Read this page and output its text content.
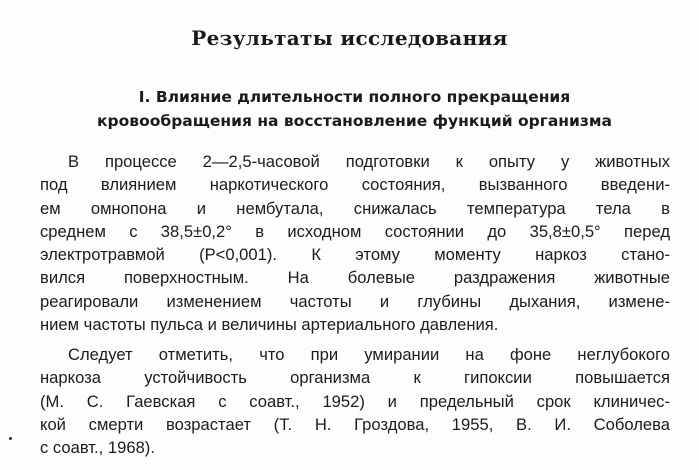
Результаты исследования
I. Влияние длительности полного прекращения
кровообращения на восстановление функций организма
В процессе 2—2,5-часовой подготовки к опыту у животных
под влиянием наркотического состояния, вызванного введени-
ем омнопона и нембутала, снижалась температура тела в
среднем с 38,5±0,2° в исходном состоянии до 35,8±0,5° перед
электротравмой (P<0,001). К этому моменту наркоз стано-
вился поверхностным. На болевые раздражения животные
реагировали изменением частоты и глубины дыхания, измене-
нием частоты пульса и величины артериального давления.
Следует отметить, что при умирании на фоне неглубокого
наркоза устойчивость организма к гипоксии повышается
(М. С. Гаевская с соавт., 1952) и предельный срок клиничес-
кой смерти возрастает (Т. Н. Гроздова, 1955, В. И. Соболева
с соавт., 1968).
